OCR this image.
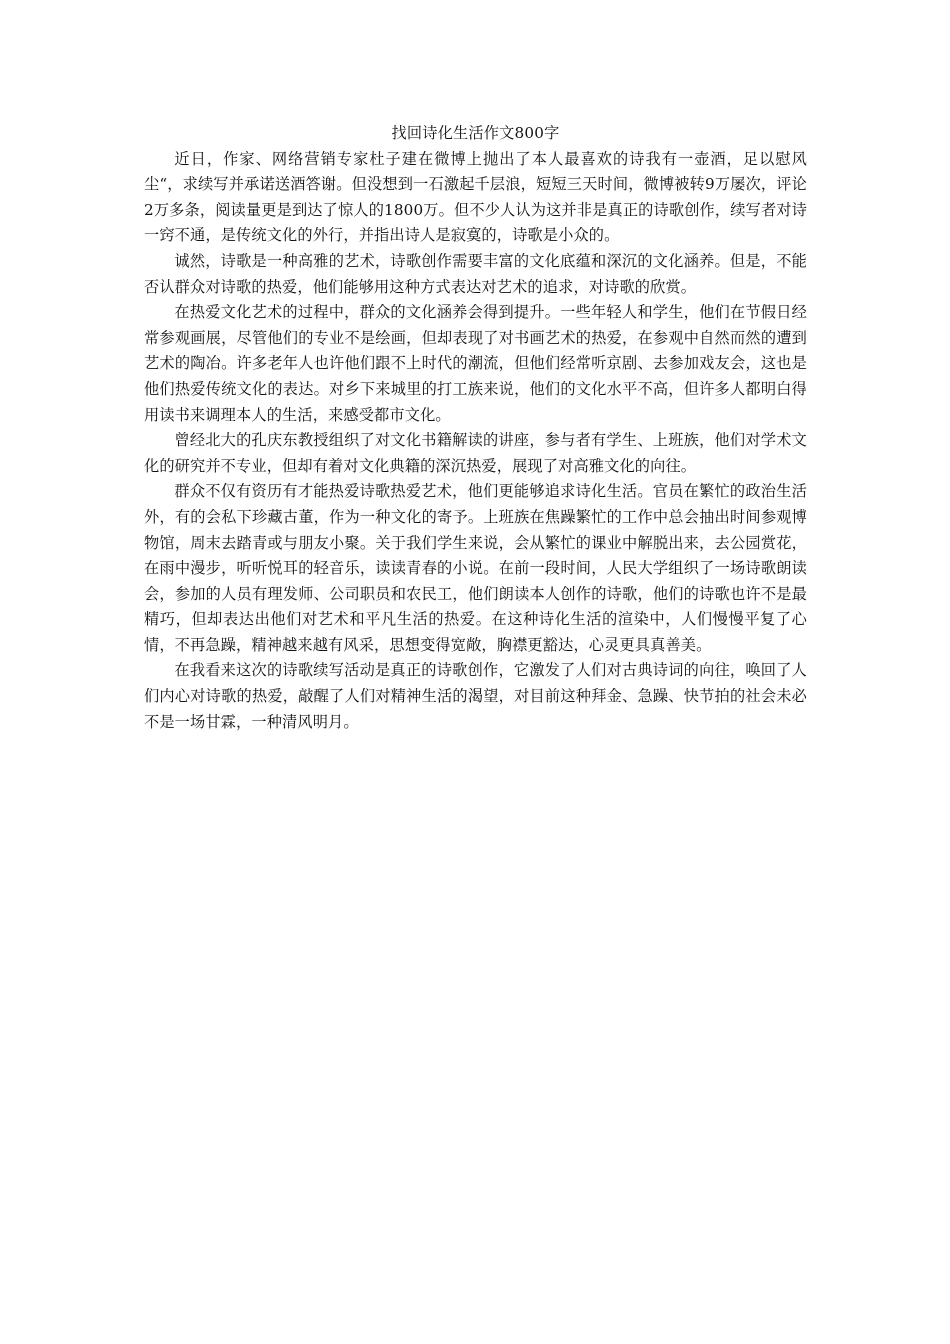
找回诗化生活作文800字

近日，作家、网络营销专家杜子建在微博上抛出了本人最喜欢的诗我有一壶酒，足以慰风尘“，求续写并承诺送酒答谢。但没想到一石激起千层浪，短短三天时间，微博被转9万屡次，评论2万多条，阅读量更是到达了惊人的1800万。但不少人认为这并非是真正的诗歌创作，续写者对诗一窍不通，是传统文化的外行，并指出诗人是寂寞的，诗歌是小众的。

诚然，诗歌是一种高雅的艺术，诗歌创作需要丰富的文化底蕴和深沉的文化涵养。但是，不能否认群众对诗歌的热爱，他们能够用这种方式表达对艺术的追求，对诗歌的欣赏。

在热爱文化艺术的过程中，群众的文化涵养会得到提升。一些年轻人和学生，他们在节假日经常参观画展，尽管他们的专业不是绘画，但却表现了对书画艺术的热爱，在参观中自然而然的遭到艺术的陶冶。许多老年人也许他们跟不上时代的潮流，但他们经常听京剧、去参加戏友会，这也是他们热爱传统文化的表达。对乡下来城里的打工族来说，他们的文化水平不高，但许多人都明白得用读书来调理本人的生活，来感受都市文化。

曾经北大的孔庆东教授组织了对文化书籍解读的讲座，参与者有学生、上班族，他们对学术文化的研究并不专业，但却有着对文化典籍的深沉热爱，展现了对高雅文化的向往。

群众不仅有资历有才能热爱诗歌热爱艺术，他们更能够追求诗化生活。官员在繁忙的政治生活外，有的会私下珍藏古董，作为一种文化的寄予。上班族在焦躁繁忙的工作中总会抽出时间参观博物馆，周末去踏青或与朋友小聚。关于我们学生来说，会从繁忙的课业中解脱出来，去公园赏花，在雨中漫步，听听悦耳的轻音乐，读读青春的小说。在前一段时间，人民大学组织了一场诗歌朗读会，参加的人员有理发师、公司职员和农民工，他们朗读本人创作的诗歌，他们的诗歌也许不是最精巧，但却表达出他们对艺术和平凡生活的热爱。在这种诗化生活的渲染中，人们慢慢平复了心情，不再急躁，精神越来越有风采，思想变得宽敞，胸襟更豁达，心灵更具真善美。

在我看来这次的诗歌续写活动是真正的诗歌创作，它激发了人们对古典诗词的向往，唤回了人们内心对诗歌的热爱，敲醒了人们对精神生活的渴望，对目前这种拜金、急躁、快节拍的社会未必不是一场甘霖，一种清风明月。
